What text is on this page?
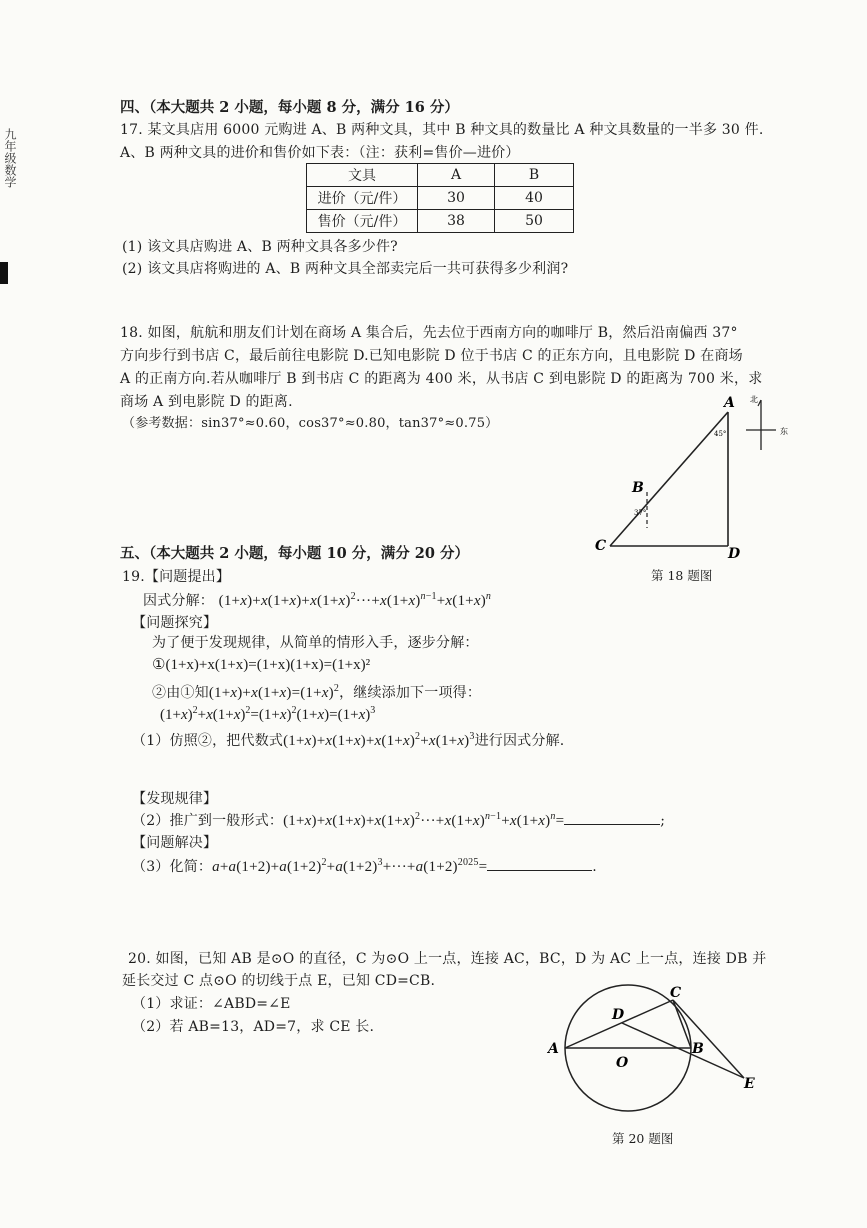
九年级数学
四、（本大题共 2 小题，每小题 8 分，满分 16 分）
17. 某文具店用 6000 元购进 A、B 两种文具，其中 B 种文具的数量比 A 种文具数量的一半多 30 件.
A、B 两种文具的进价和售价如下表：（注：获利=售价—进价）
文具	A	B
进价（元/件）	30	40
售价（元/件）	38	50
(1) 该文具店购进 A、B 两种文具各多少件?
(2) 该文具店将购进的 A、B 两种文具全部卖完后一共可获得多少利润?
18. 如图，航航和朋友们计划在商场 A 集合后，先去位于西南方向的咖啡厅 B，然后沿南偏西 37°
方向步行到书店 C，最后前往电影院 D.已知电影院 D 位于书店 C 的正东方向，且电影院 D 在商场
A 的正南方向.若从咖啡厅 B 到书店 C 的距离为 400 米，从书店 C 到电影院 D 的距离为 700 米，求
商场 A 到电影院 D 的距离.
（参考数据：sin37°≈0.60，cos37°≈0.80，tan37°≈0.75）
A
B
C	D
45°
37°
北
东
第 18 题图
五、（本大题共 2 小题，每小题 10 分，满分 20 分）
19.【问题提出】
因式分解： $(1+x)+x(1+x)+x(1+x)^2\cdot\cdot\cdot+x(1+x)^{n-1}+x(1+x)^n$
【问题探究】
为了便于发现规律，从简单的情形入手，逐步分解：
①(1+x)+x(1+x)=(1+x)(1+x)=(1+x)²
②由①知$(1+x)+x(1+x)=(1+x)^2$，继续添加下一项得：
$(1+x)^2+x(1+x)^2=(1+x)^2(1+x)=(1+x)^3$
（1）仿照②，把代数式$(1+x)+x(1+x)+x(1+x)^2+x(1+x)^3$进行因式分解.
【发现规律】
（2）推广到一般形式：$(1+x)+x(1+x)+x(1+x)^2\cdot\cdot\cdot+x(1+x)^{n-1}+x(1+x)^n=$	;
【问题解决】
（3）化简：$a+a(1+2)+a(1+2)^2+a(1+2)^3+\cdot\cdot\cdot+a(1+2)^{2025}=$	.
20. 如图，已知 AB 是⊙O 的直径，C 为⊙O 上一点，连接 AC，BC，D 为 AC 上一点，连接 DB 并
延长交过 C 点⊙O 的切线于点 E，已知 CD=CB.
（1）求证：∠ABD=∠E
（2）若 AB=13，AD=7，求 CE 长.
A	B
C
D
O
E
第 20 题图
